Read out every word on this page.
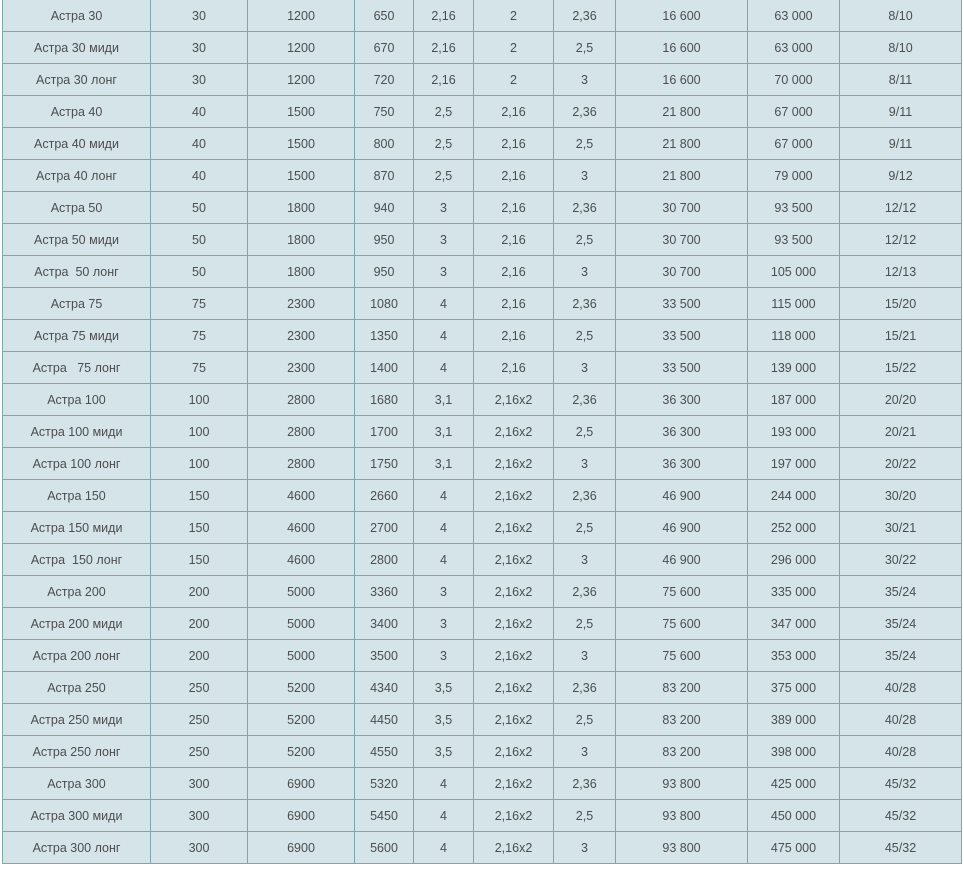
Астра 30	30	1200	650	2,16	2	2,36	16 600	63 000	8/10
Астра 30 миди	30	1200	670	2,16	2	2,5	16 600	63 000	8/10
Астра 30 лонг	30	1200	720	2,16	2	3	16 600	70 000	8/11
Астра 40	40	1500	750	2,5	2,16	2,36	21 800	67 000	9/11
Астра 40 миди	40	1500	800	2,5	2,16	2,5	21 800	67 000	9/11
Астра 40 лонг	40	1500	870	2,5	2,16	3	21 800	79 000	9/12
Астра 50	50	1800	940	3	2,16	2,36	30 700	93 500	12/12
Астра 50 миди	50	1800	950	3	2,16	2,5	30 700	93 500	12/12
Астра  50 лонг	50	1800	950	3	2,16	3	30 700	105 000	12/13
Астра 75	75	2300	1080	4	2,16	2,36	33 500	115 000	15/20
Астра 75 миди	75	2300	1350	4	2,16	2,5	33 500	118 000	15/21
Астра   75 лонг	75	2300	1400	4	2,16	3	33 500	139 000	15/22
Астра 100	100	2800	1680	3,1	2,16x2	2,36	36 300	187 000	20/20
Астра 100 миди	100	2800	1700	3,1	2,16x2	2,5	36 300	193 000	20/21
Астра 100 лонг	100	2800	1750	3,1	2,16x2	3	36 300	197 000	20/22
Астра 150	150	4600	2660	4	2,16x2	2,36	46 900	244 000	30/20
Астра 150 миди	150	4600	2700	4	2,16x2	2,5	46 900	252 000	30/21
Астра  150 лонг	150	4600	2800	4	2,16x2	3	46 900	296 000	30/22
Астра 200	200	5000	3360	3	2,16x2	2,36	75 600	335 000	35/24
Астра 200 миди	200	5000	3400	3	2,16x2	2,5	75 600	347 000	35/24
Астра 200 лонг	200	5000	3500	3	2,16x2	3	75 600	353 000	35/24
Астра 250	250	5200	4340	3,5	2,16x2	2,36	83 200	375 000	40/28
Астра 250 миди	250	5200	4450	3,5	2,16x2	2,5	83 200	389 000	40/28
Астра 250 лонг	250	5200	4550	3,5	2,16x2	3	83 200	398 000	40/28
Астра 300	300	6900	5320	4	2,16x2	2,36	93 800	425 000	45/32
Астра 300 миди	300	6900	5450	4	2,16x2	2,5	93 800	450 000	45/32
Астра 300 лонг	300	6900	5600	4	2,16x2	3	93 800	475 000	45/32
